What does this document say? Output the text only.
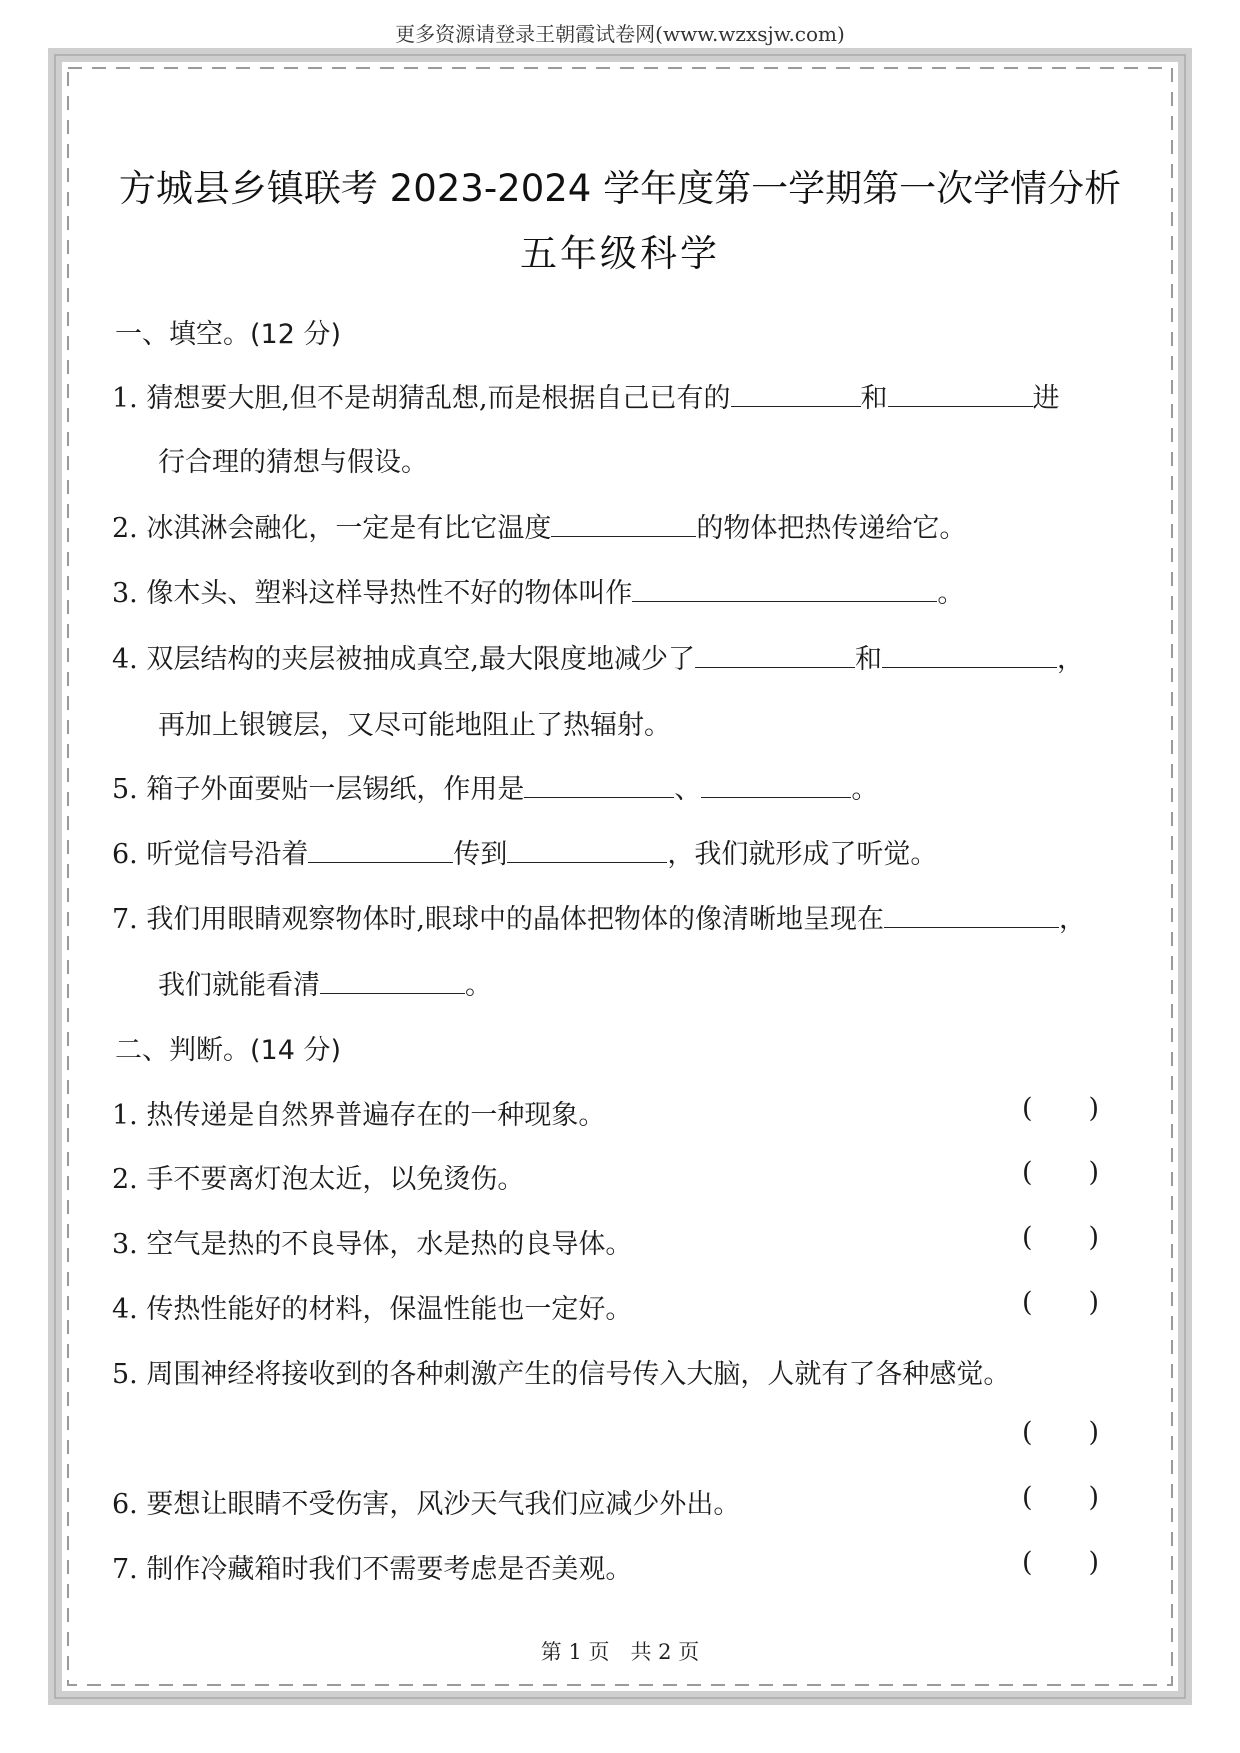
更多资源请登录王朝霞试卷网(www.wzxsjw.com)
方城县乡镇联考 2023-2024 学年度第一学期第一次学情分析
五年级科学
一、填空。(12 分)
1. 猜想要大胆,但不是胡猜乱想,而是根据自己已有的	和	进
行合理的猜想与假设。
2. 冰淇淋会融化，一定是有比它温度	的物体把热传递给它。
3. 像木头、塑料这样导热性不好的物体叫作	。
4. 双层结构的夹层被抽成真空,最大限度地减少了	和	，
再加上银镀层，又尽可能地阻止了热辐射。
5. 箱子外面要贴一层锡纸，作用是	、	。
6. 听觉信号沿着	传到	，我们就形成了听觉。
7. 我们用眼睛观察物体时,眼球中的晶体把物体的像清晰地呈现在	，
我们就能看清	。
二、判断。(14 分)
1. 热传递是自然界普遍存在的一种现象。	( )
2. 手不要离灯泡太近，以免烫伤。	( )
3. 空气是热的不良导体，水是热的良导体。	( )
4. 传热性能好的材料，保温性能也一定好。	( )
5. 周围神经将接收到的各种刺激产生的信号传入大脑，人就有了各种感觉。
( )
6. 要想让眼睛不受伤害，风沙天气我们应减少外出。	( )
7. 制作冷藏箱时我们不需要考虑是否美观。	( )
第 1 页　共 2 页
